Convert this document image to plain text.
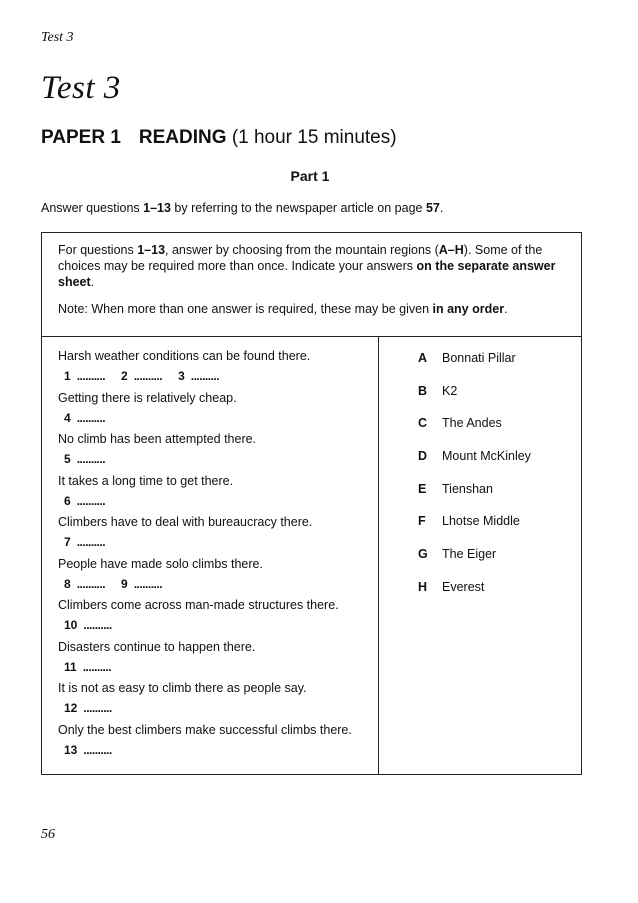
Test 3
Test 3
PAPER 1 READING (1 hour 15 minutes)
Part 1
Answer questions 1–13 by referring to the newspaper article on page 57.

For questions 1–13, answer by choosing from the mountain regions (A–H). Some of the choices may be required more than once. Indicate your answers on the separate answer sheet.

Note: When more than one answer is required, these may be given in any order.

Harsh weather conditions can be found there.
1 .......... 2 .......... 3 ..........
Getting there is relatively cheap.
4 ..........
No climb has been attempted there.
5 ..........
It takes a long time to get there.
6 ..........
Climbers have to deal with bureaucracy there.
7 ..........
People have made solo climbs there.
8 .......... 9 ..........
Climbers come across man-made structures there.
10 ..........
Disasters continue to happen there.
11 ..........
It is not as easy to climb there as people say.
12 ..........
Only the best climbers make successful climbs there.
13 ..........
A Bonnati Pillar
B K2
C The Andes
D Mount McKinley
E Tienshan
F Lhotse Middle
G The Eiger
H Everest
56
